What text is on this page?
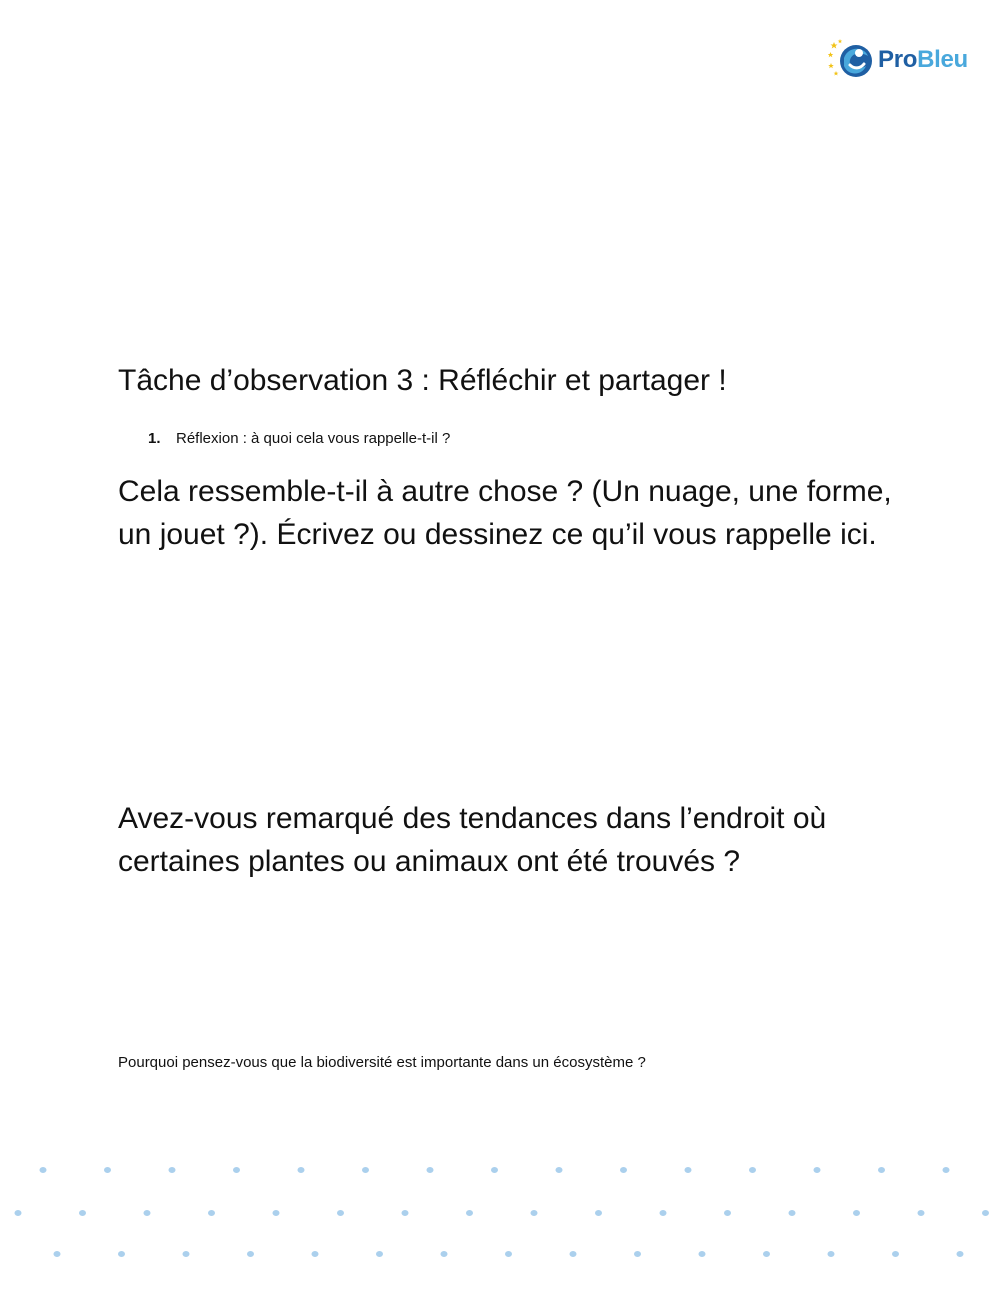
ProBleu
Tâche d’observation 3 : Réfléchir et partager !
1.	Réflexion : à quoi cela vous rappelle-t-il ?

Cela ressemble-t-il à autre chose ? (Un nuage, une forme, un jouet ?). Écrivez ou dessinez ce qu’il vous rappelle ici.

Avez-vous remarqué des tendances dans l’endroit où certaines plantes ou animaux ont été trouvés ?

Pourquoi pensez-vous que la biodiversité est importante dans un écosystème ?
